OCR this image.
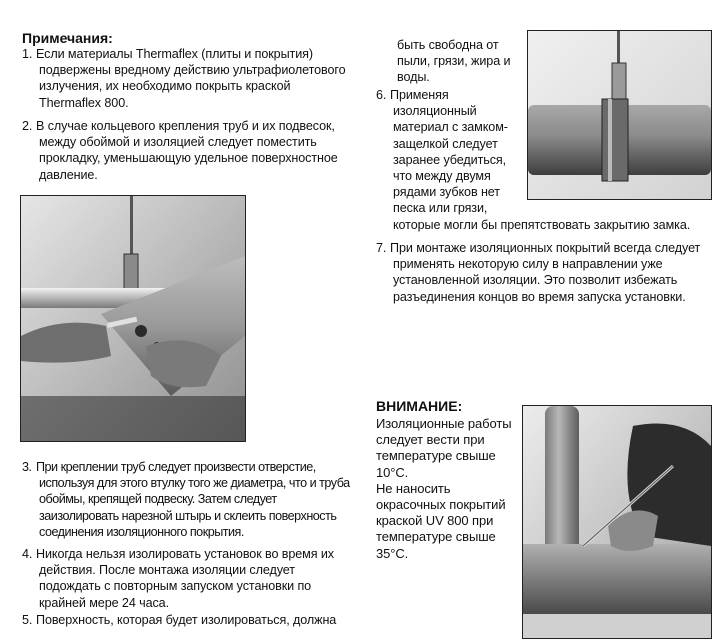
Примечания:
1. Если материалы Thermaflex (плиты и покрытия)
подвержены вредному действию ультрафиолетового
излучения, их необходимо покрыть краской
Thermaflex 800.
2. В случае кольцевого крепления труб и их подвесок,
между обоймой и изоляцией следует поместить
прокладку, уменьшающую удельное поверхностное
давление.
3. При креплении труб следует произвести отверстие,
используя для этого втулку того же диаметра, что и труба
обоймы, крепящей подвеску. Затем следует
заизолировать нарезной штырь и склеить поверхность
соединения изоляционного покрытия.
4. Никогда нельзя изолировать установок во время их
действия. После монтажа изоляции следует
подождать с повторным запуском установки по
крайней мере 24 часа.
5. Поверхность, которая будет изолироваться, должна
быть свободна от
пыли, грязи, жира и
воды.
6. Применяя
изоляционный
материал с замком-
защелкой следует
заранее убедиться,
что между двумя
рядами зубков нет
песка или грязи,
которые могли бы препятствовать закрытию замка.
7. При монтаже изоляционных покрытий всегда следует
применять некоторую силу в направлении уже
установленной изоляции. Это позволит избежать
разъединения концов во время запуска установки.
ВНИМАНИЕ:
Изоляционные работы
следует вести при
температуре свыше
10°С.
Не наносить
окрасочных покрытий
краской UV 800 при
температуре свыше
35°С.
